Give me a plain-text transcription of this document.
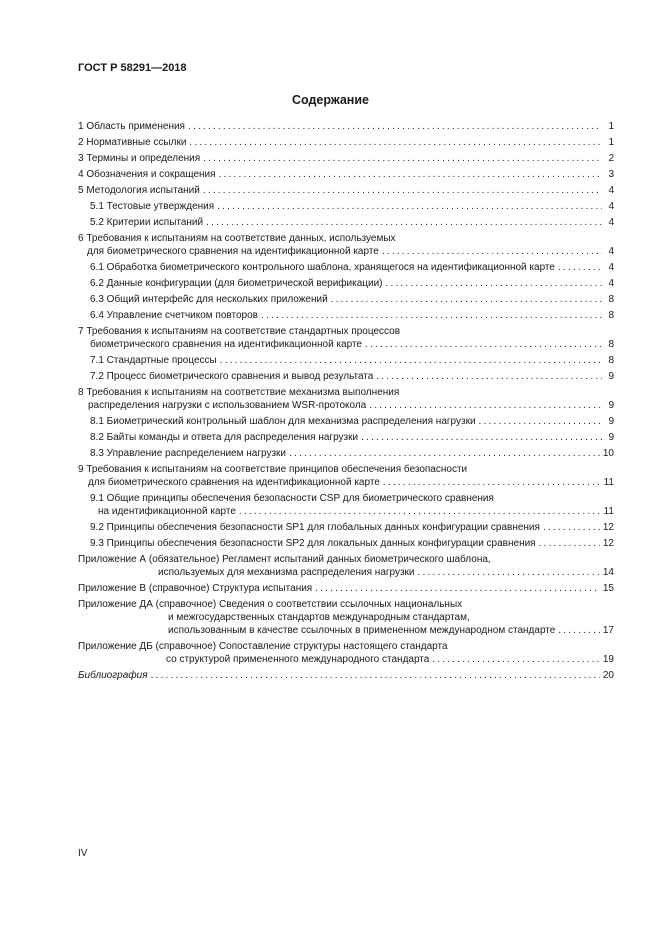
ГОСТ Р 58291—2018
Содержание
1 Область применения .....	1
2 Нормативные ссылки .....	1
3 Термины и определения .....	2
4 Обозначения и сокращения .....	3
5 Методология испытаний .....	4
5.1 Тестовые утверждения .....	4
5.2 Критерии испытаний .....	4
6 Требования к испытаниям на соответствие данных, используемых
для биометрического сравнения на идентификационной карте .....	4
6.1 Обработка биометрического контрольного шаблона, хранящегося на идентификационной карте .....	4
6.2 Данные конфигурации (для биометрической верификации) .....	4
6.3 Общий интерфейс для нескольких приложений .....	8
6.4 Управление счетчиком повторов .....	8
7 Требования к испытаниям на соответствие стандартных процессов
биометрического сравнения на идентификационной карте .....	8
7.1 Стандартные процессы .....	8
7.2 Процесс биометрического сравнения и вывод результата .....	9
8 Требования к испытаниям на соответствие механизма выполнения
распределения нагрузки с использованием WSR-протокола .....	9
8.1 Биометрический контрольный шаблон для механизма распределения нагрузки .....	9
8.2 Байты команды и ответа для распределения нагрузки .....	9
8.3 Управление распределением нагрузки .....	10
9 Требования к испытаниям на соответствие принципов обеспечения безопасности
для биометрического сравнения на идентификационной карте .....	11
9.1 Общие принципы обеспечения безопасности CSP для биометрического сравнения
на идентификационной карте .....	11
9.2 Принципы обеспечения безопасности SP1 для глобальных данных конфигурации сравнения .....	12
9.3 Принципы обеспечения безопасности SP2 для локальных данных конфигурации сравнения .....	12
Приложение А (обязательное) Регламент испытаний данных биометрического шаблона,
используемых для механизма распределения нагрузки .....	14
Приложение В (справочное) Структура испытания .....	15
Приложение ДА (справочное) Сведения о соответствии ссылочных национальных
и межгосударственных стандартов международным стандартам,
использованным в качестве ссылочных в примененном международном стандарте .....	17
Приложение ДБ (справочное) Сопоставление структуры настоящего стандарта
со структурой примененного международного стандарта .....	19
Библиография .....	20
IV
